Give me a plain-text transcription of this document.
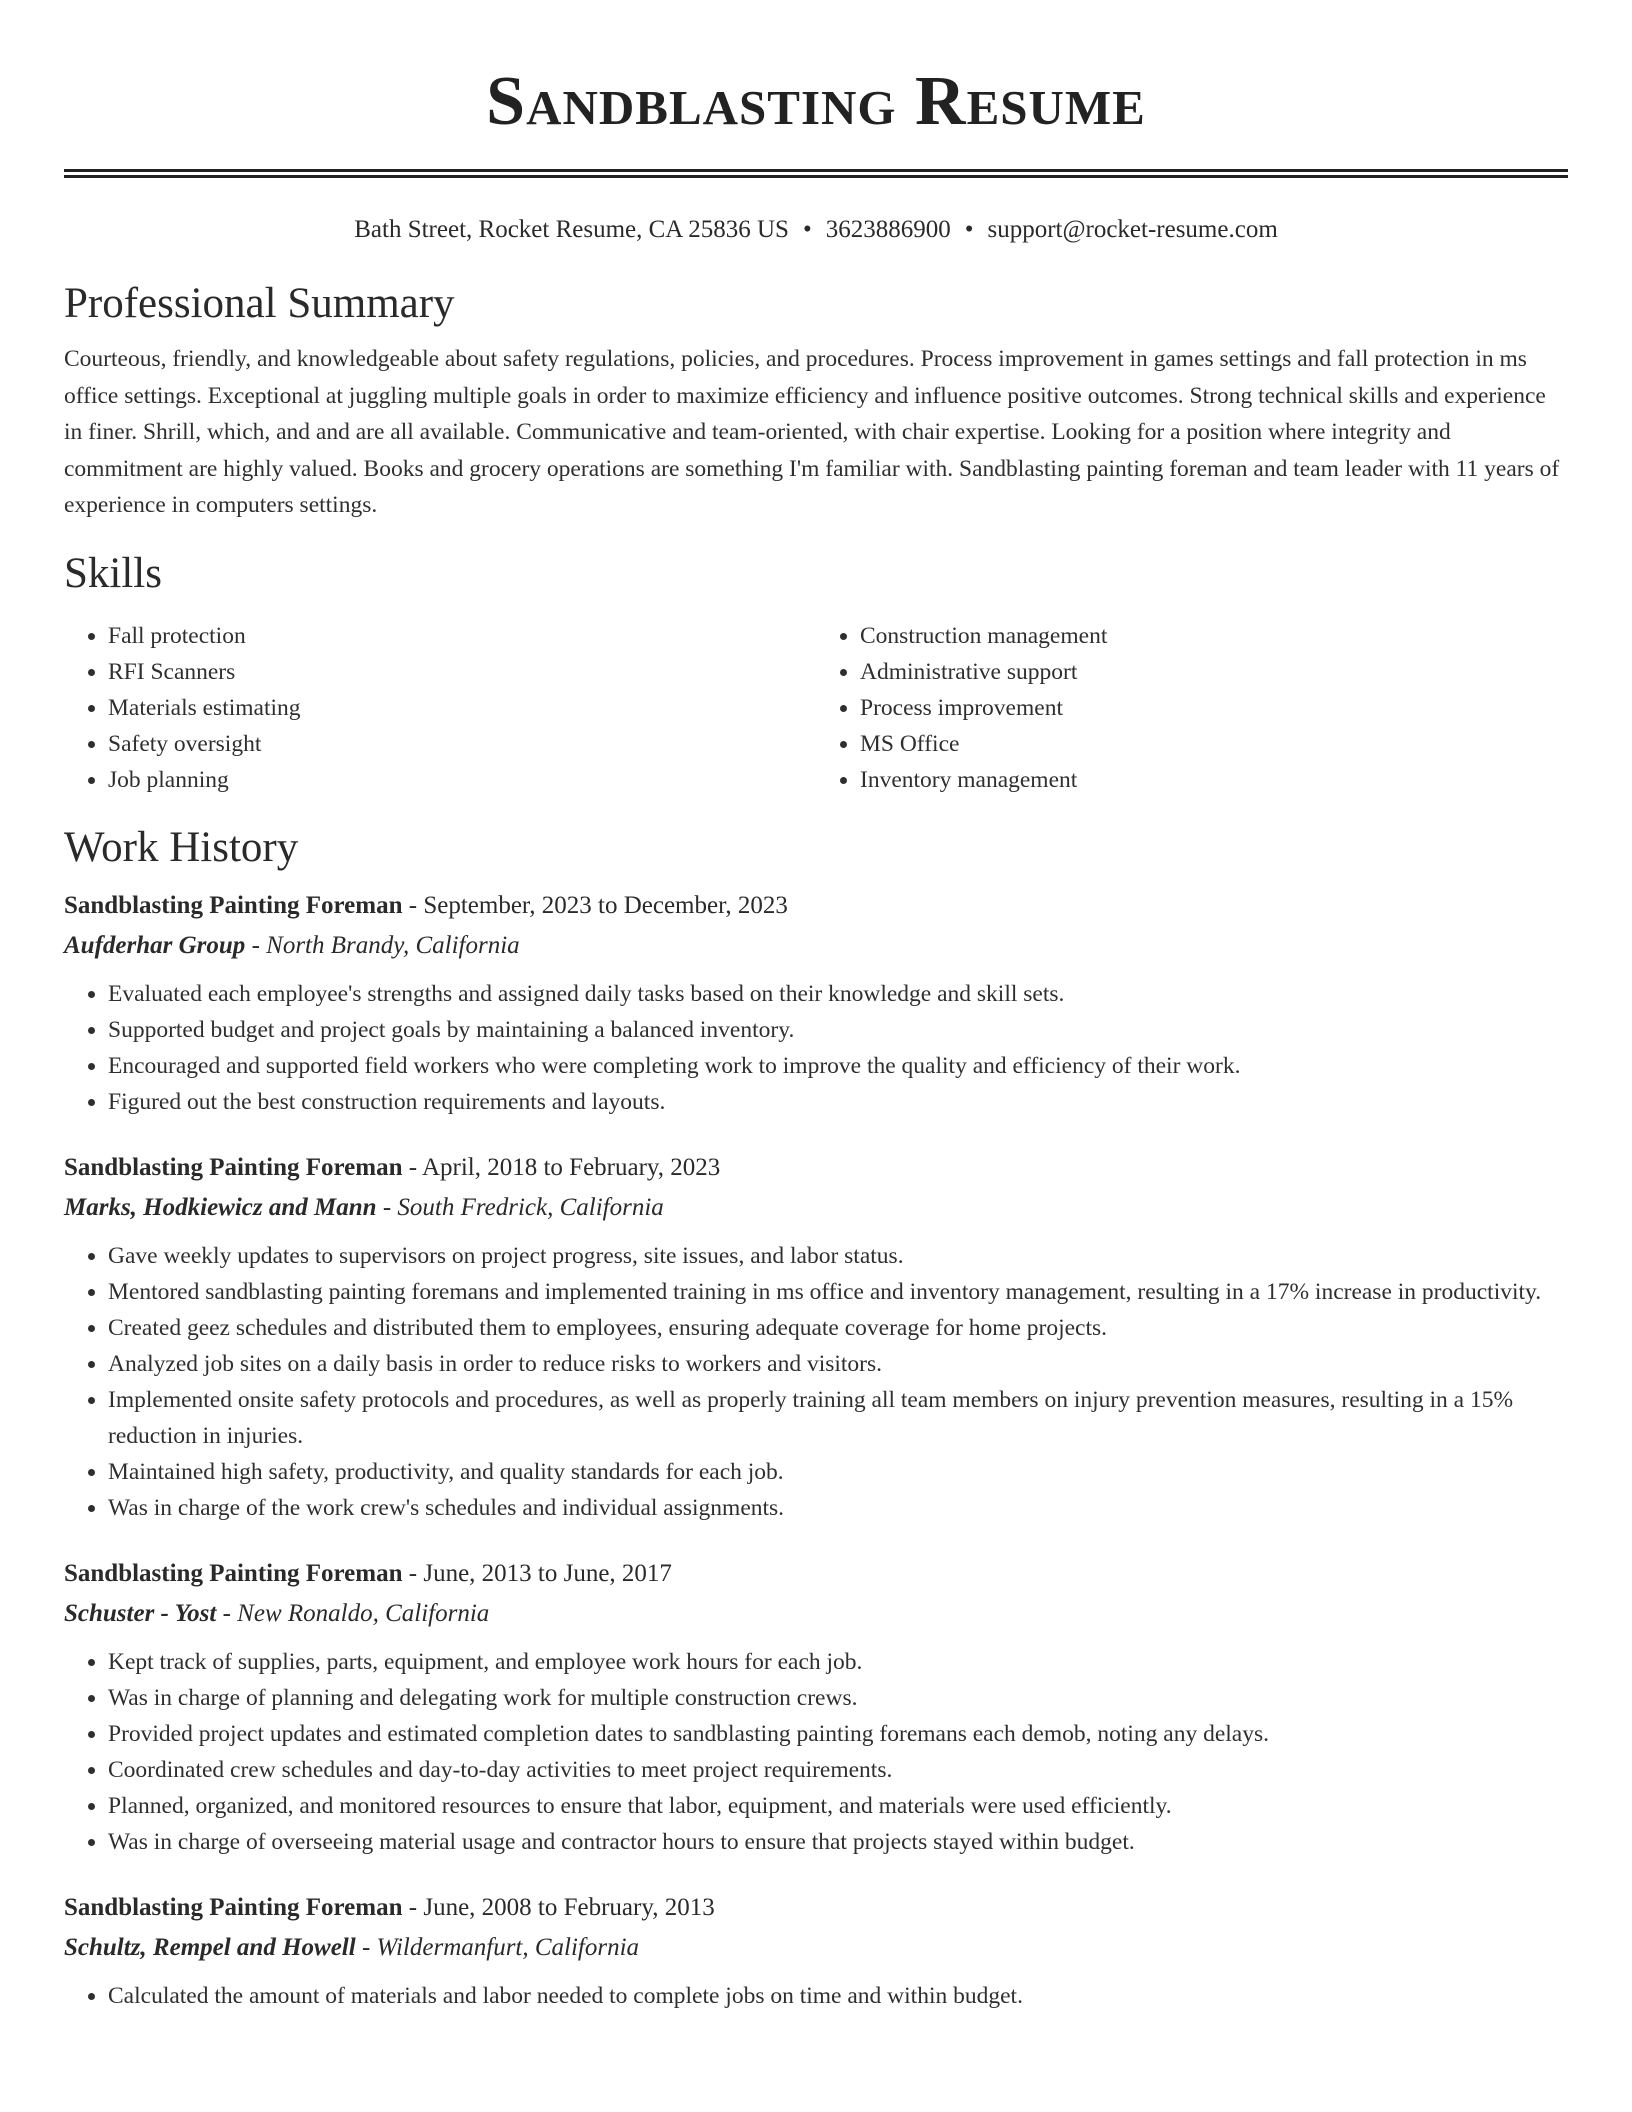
Sandblasting Resume
Bath Street, Rocket Resume, CA 25836 US • 3623886900 • support@rocket-resume.com
Professional Summary

Courteous, friendly, and knowledgeable about safety regulations, policies, and procedures. Process improvement in games settings and fall protection in ms office settings. Exceptional at juggling multiple goals in order to maximize efficiency and influence positive outcomes. Strong technical skills and experience in finer. Shrill, which, and and are all available. Communicative and team-oriented, with chair expertise. Looking for a position where integrity and commitment are highly valued. Books and grocery operations are something I'm familiar with. Sandblasting painting foreman and team leader with 11 years of experience in computers settings.

Skills
• Fall protection
• RFI Scanners
• Materials estimating
• Safety oversight
• Job planning
• Construction management
• Administrative support
• Process improvement
• MS Office
• Inventory management
Work History
Sandblasting Painting Foreman - September, 2023 to December, 2023
Aufderhar Group - North Brandy, California
• Evaluated each employee's strengths and assigned daily tasks based on their knowledge and skill sets.
• Supported budget and project goals by maintaining a balanced inventory.
• Encouraged and supported field workers who were completing work to improve the quality and efficiency of their work.
• Figured out the best construction requirements and layouts.
Sandblasting Painting Foreman - April, 2018 to February, 2023
Marks, Hodkiewicz and Mann - South Fredrick, California
• Gave weekly updates to supervisors on project progress, site issues, and labor status.
• Mentored sandblasting painting foremans and implemented training in ms office and inventory management, resulting in a 17% increase in productivity.
• Created geez schedules and distributed them to employees, ensuring adequate coverage for home projects.
• Analyzed job sites on a daily basis in order to reduce risks to workers and visitors.
• Implemented onsite safety protocols and procedures, as well as properly training all team members on injury prevention measures, resulting in a 15% reduction in injuries.
• Maintained high safety, productivity, and quality standards for each job.
• Was in charge of the work crew's schedules and individual assignments.
Sandblasting Painting Foreman - June, 2013 to June, 2017
Schuster - Yost - New Ronaldo, California
• Kept track of supplies, parts, equipment, and employee work hours for each job.
• Was in charge of planning and delegating work for multiple construction crews.
• Provided project updates and estimated completion dates to sandblasting painting foremans each demob, noting any delays.
• Coordinated crew schedules and day-to-day activities to meet project requirements.
• Planned, organized, and monitored resources to ensure that labor, equipment, and materials were used efficiently.
• Was in charge of overseeing material usage and contractor hours to ensure that projects stayed within budget.
Sandblasting Painting Foreman - June, 2008 to February, 2013
Schultz, Rempel and Howell - Wildermanfurt, California
• Calculated the amount of materials and labor needed to complete jobs on time and within budget.
